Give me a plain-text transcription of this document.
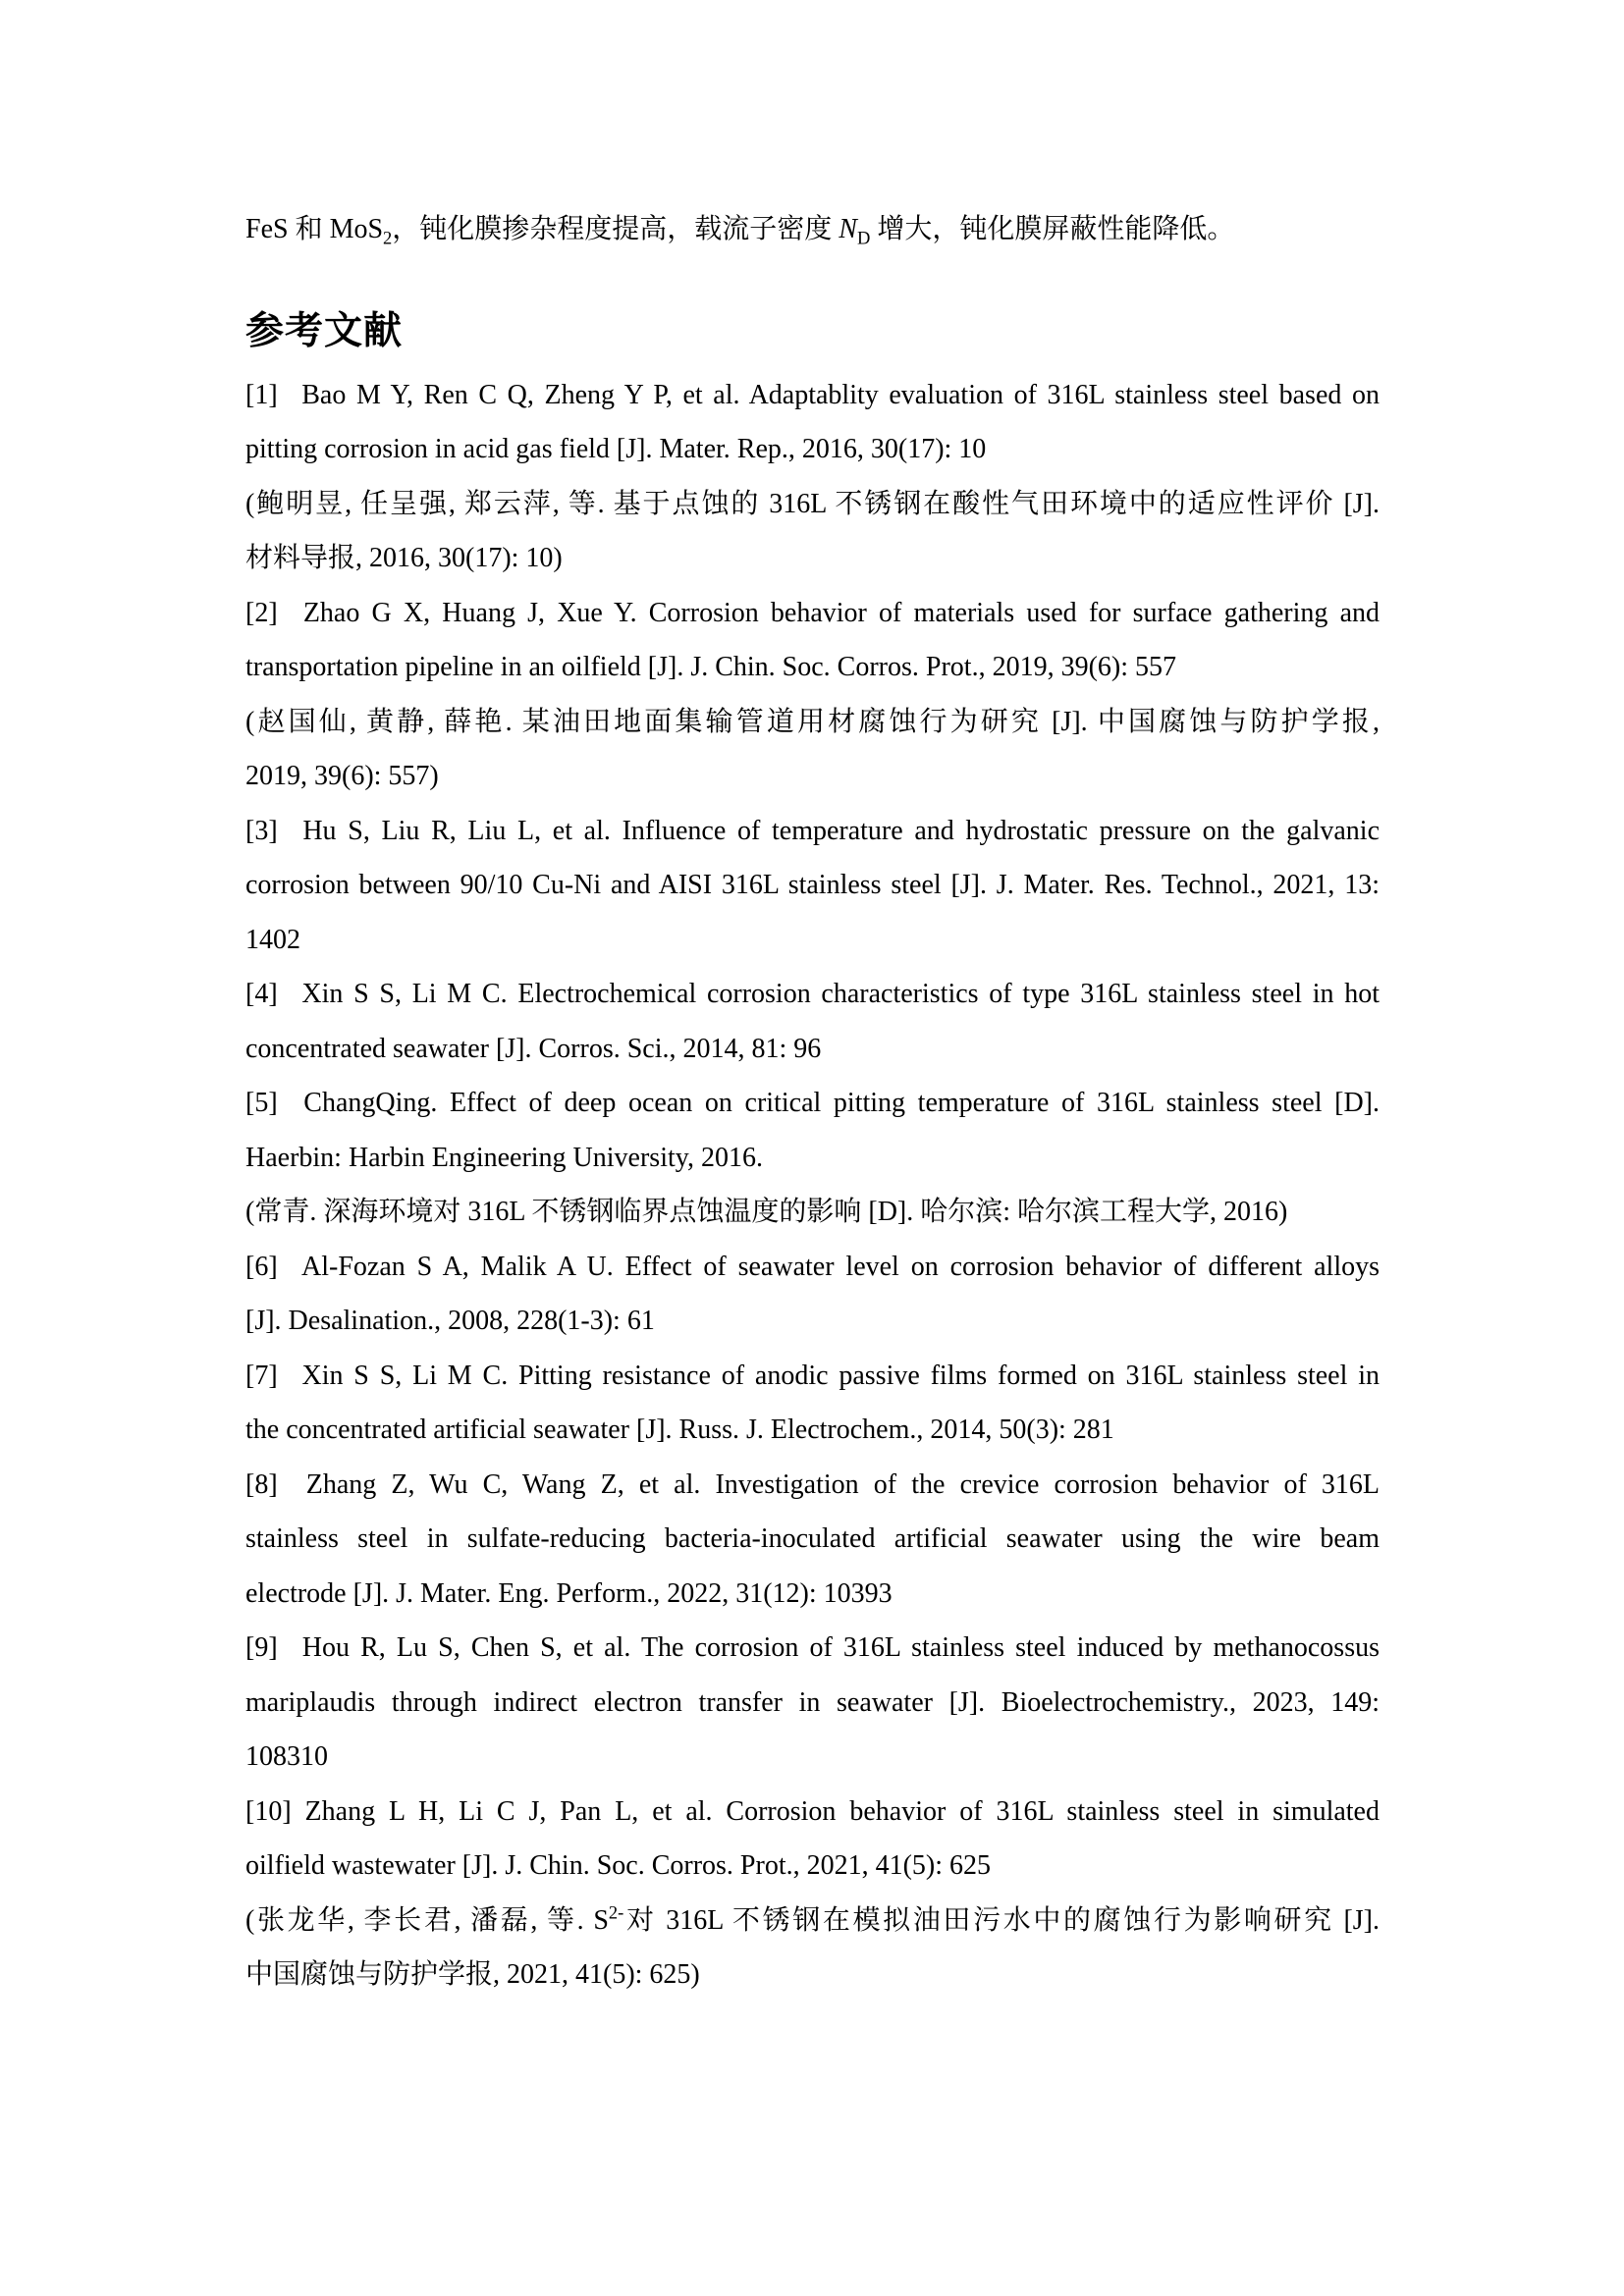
FeS 和 MoS$_2$，钝化膜掺杂程度提高，载流子密度 $N_D$ 增大，钝化膜屏蔽性能降低。
参考文献
[1]  Bao M Y, Ren C Q, Zheng Y P, et al. Adaptablity evaluation of 316L stainless steel based on
pitting corrosion in acid gas field [J]. Mater. Rep., 2016, 30(17): 10
(鲍明昱, 任呈强, 郑云萍, 等. 基于点蚀的 316L 不锈钢在酸性气田环境中的适应性评价 [J].
材料导报, 2016, 30(17): 10)
[2]  Zhao G X, Huang J, Xue Y. Corrosion behavior of materials used for surface gathering and
transportation pipeline in an oilfield [J]. J. Chin. Soc. Corros. Prot., 2019, 39(6): 557
(赵国仙, 黄静, 薛艳. 某油田地面集输管道用材腐蚀行为研究 [J]. 中国腐蚀与防护学报,
2019, 39(6): 557)
[3]  Hu S, Liu R, Liu L, et al. Influence of temperature and hydrostatic pressure on the galvanic
corrosion between 90/10 Cu-Ni and AISI 316L stainless steel [J]. J. Mater. Res. Technol., 2021, 13:
1402
[4]  Xin S S, Li M C. Electrochemical corrosion characteristics of type 316L stainless steel in hot
concentrated seawater [J]. Corros. Sci., 2014, 81: 96
[5]  ChangQing. Effect of deep ocean on critical pitting temperature of 316L stainless steel [D].
Haerbin: Harbin Engineering University, 2016.
(常青. 深海环境对 316L 不锈钢临界点蚀温度的影响 [D]. 哈尔滨: 哈尔滨工程大学, 2016)
[6]  Al-Fozan S A, Malik A U. Effect of seawater level on corrosion behavior of different alloys
[J]. Desalination., 2008, 228(1-3): 61
[7]  Xin S S, Li M C. Pitting resistance of anodic passive films formed on 316L stainless steel in
the concentrated artificial seawater [J]. Russ. J. Electrochem., 2014, 50(3): 281
[8]  Zhang Z, Wu C, Wang Z, et al. Investigation of the crevice corrosion behavior of 316L
stainless steel in sulfate-reducing bacteria-inoculated artificial seawater using the wire beam
electrode [J]. J. Mater. Eng. Perform., 2022, 31(12): 10393
[9]  Hou R, Lu S, Chen S, et al. The corrosion of 316L stainless steel induced by methanocossus
mariplaudis through indirect electron transfer in seawater [J]. Bioelectrochemistry., 2023, 149:
108310
[10] Zhang L H, Li C J, Pan L, et al. Corrosion behavior of 316L stainless steel in simulated
oilfield wastewater [J]. J. Chin. Soc. Corros. Prot., 2021, 41(5): 625
(张龙华, 李长君, 潘磊, 等. $S^{2-}$对 316L 不锈钢在模拟油田污水中的腐蚀行为影响研究 [J].
中国腐蚀与防护学报, 2021, 41(5): 625)
